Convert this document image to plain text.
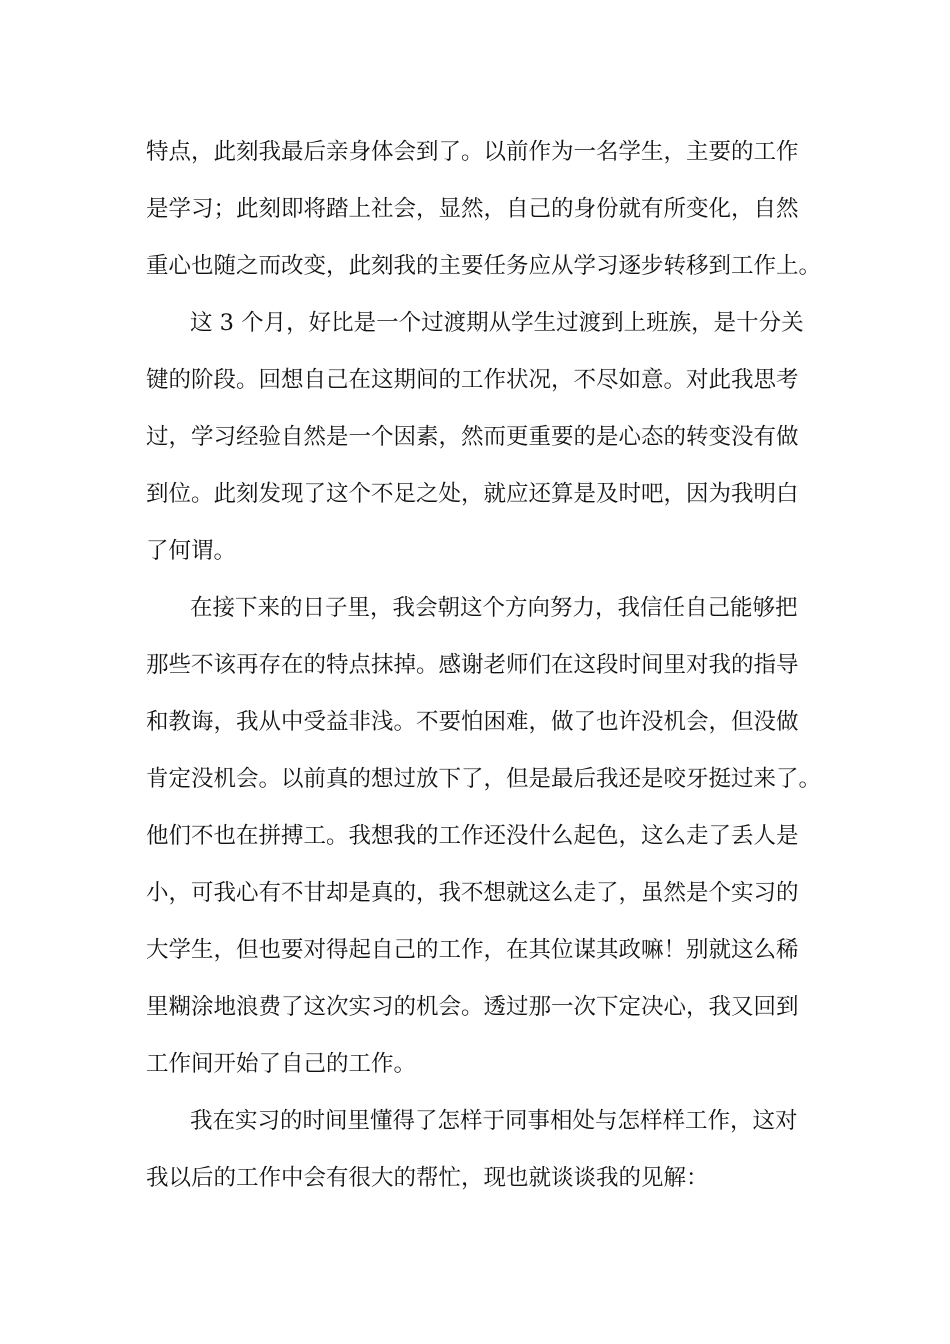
特点，此刻我最后亲身体会到了。以前作为一名学生，主要的工作
是学习；此刻即将踏上社会，显然，自己的身份就有所变化，自然
重心也随之而改变，此刻我的主要任务应从学习逐步转移到工作上。
这 3 个月，好比是一个过渡期从学生过渡到上班族，是十分关
键的阶段。回想自己在这期间的工作状况，不尽如意。对此我思考
过，学习经验自然是一个因素，然而更重要的是心态的转变没有做
到位。此刻发现了这个不足之处，就应还算是及时吧，因为我明白
了何谓。
在接下来的日子里，我会朝这个方向努力，我信任自己能够把
那些不该再存在的特点抹掉。感谢老师们在这段时间里对我的指导
和教诲，我从中受益非浅。不要怕困难，做了也许没机会，但没做
肯定没机会。以前真的想过放下了，但是最后我还是咬牙挺过来了。
他们不也在拼搏工。我想我的工作还没什么起色，这么走了丢人是
小，可我心有不甘却是真的，我不想就这么走了，虽然是个实习的
大学生，但也要对得起自己的工作，在其位谋其政嘛！别就这么稀
里糊涂地浪费了这次实习的机会。透过那一次下定决心，我又回到
工作间开始了自己的工作。
我在实习的时间里懂得了怎样于同事相处与怎样样工作，这对
我以后的工作中会有很大的帮忙，现也就谈谈我的见解：
